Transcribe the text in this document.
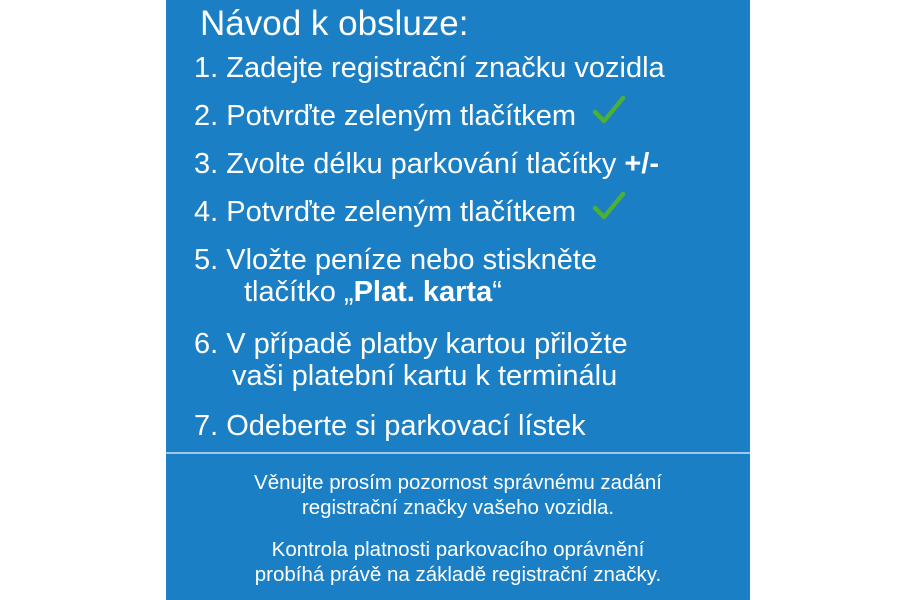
Návod k obsluze:
1. Zadejte registrační značku vozidla
2. Potvrďte zeleným tlačítkem
3. Zvolte délku parkování tlačítky +/-
4. Potvrďte zeleným tlačítkem
5. Vložte peníze nebo stiskněte
tlačítko „Plat. karta“
6. V případě platby kartou přiložte
vaši platební kartu k terminálu
7. Odeberte si parkovací lístek
Věnujte prosím pozornost správnému zadání
registrační značky vašeho vozidla.
Kontrola platnosti parkovacího oprávnění
probíhá právě na základě registrační značky.
